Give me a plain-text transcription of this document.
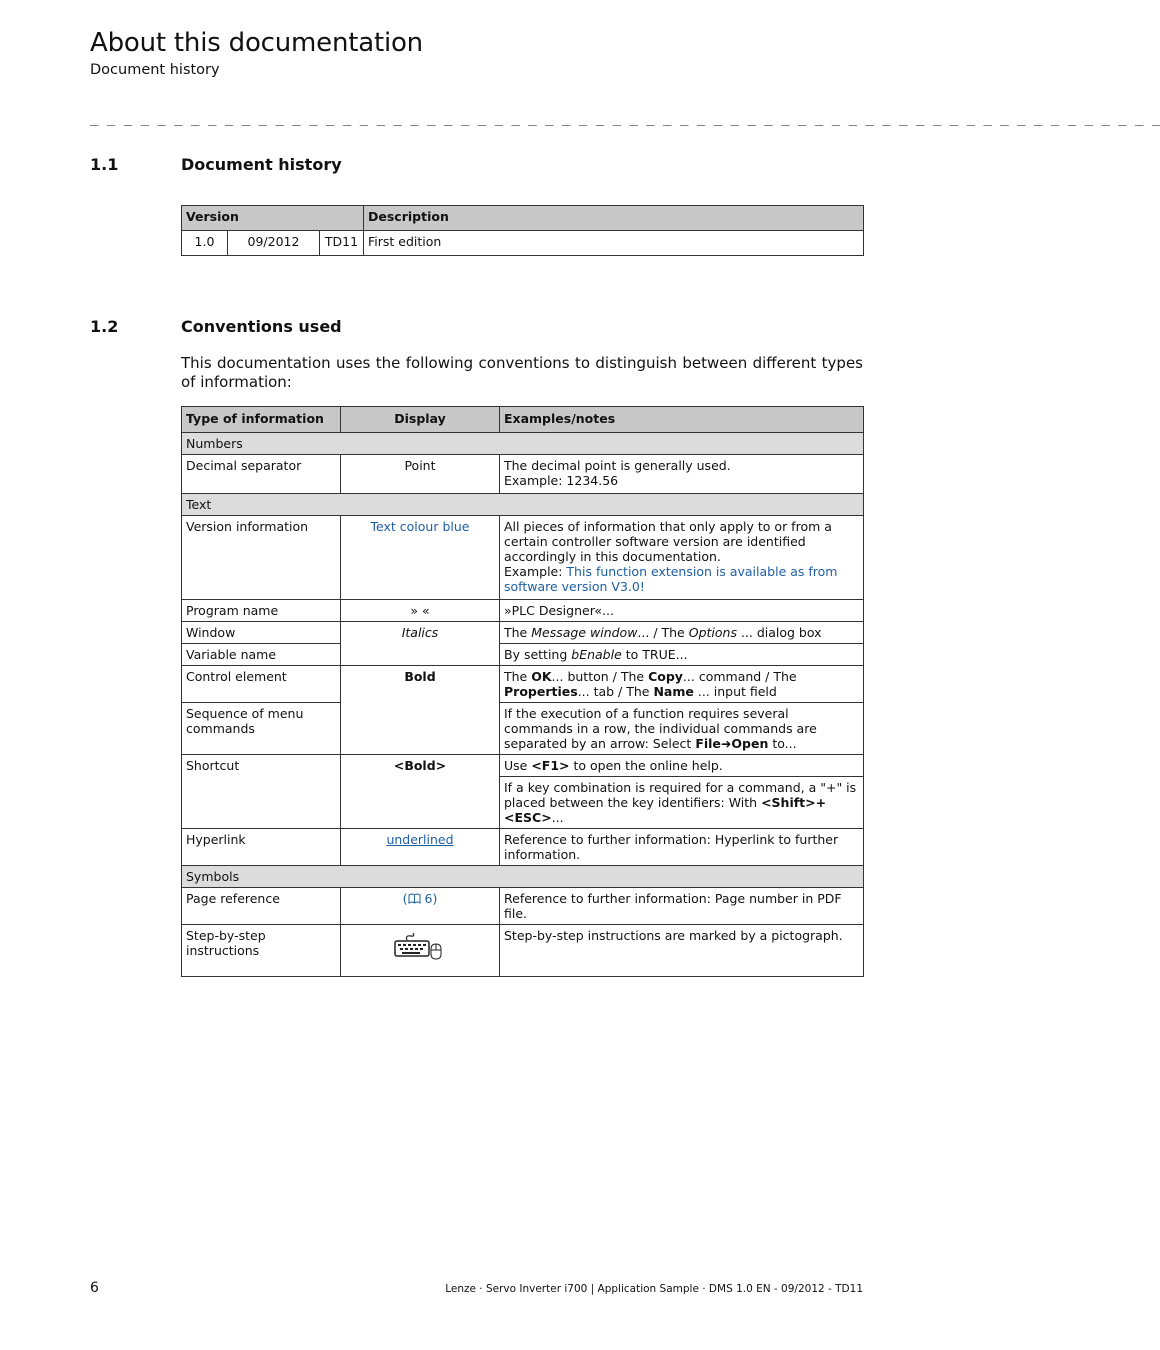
About this documentation
Document history
_ _ _ _ _ _ _ _ _ _ _ _ _ _ _ _ _ _ _ _ _ _ _ _ _ _ _ _ _ _ _ _ _ _ _ _ _ _ _ _ _ _ _ _ _ _ _ _ _ _ _ _ _ _ _ _ _ _ _ _ _ _ _ _
1.1	Document history
Version			Description
1.0	09/2012	TD11	First edition
1.2	Conventions used
This documentation uses the following conventions to distinguish between different types of information:
Type of information	Display	Examples/notes
Numbers		
Decimal separator	Point	The decimal point is generally used.
Example: 1234.56

Text		
Version information	Text colour blue	All pieces of information that only apply to or from a certain controller software version are identified accordingly in this documentation.
Example: This function extension is available as from software version V3.0!

Program name	» «	»PLC Designer«...
Window	Italics	The Message window... / The Options ... dialog box
Variable name		By setting bEnable to TRUE...
Control element	Bold	The OK... button / The Copy... command / The Properties... tab / The Name ... input field
Sequence of menu commands		If the execution of a function requires several commands in a row, the individual commands are separated by an arrow: Select File➜Open to...
Shortcut	<Bold>	Use <F1> to open the online help.
		If a key combination is required for a command, a "+" is placed between the key identifiers: With <Shift>+<ESC>...
Hyperlink	underlined	Reference to further information: Hyperlink to further information.
Symbols		
Page reference	( 6)	Reference to further information: Page number in PDF file.
Step-by-step instructions		Step-by-step instructions are marked by a pictograph.
6	Lenze · Servo Inverter i700 | Application Sample · DMS 1.0 EN - 09/2012 - TD11
